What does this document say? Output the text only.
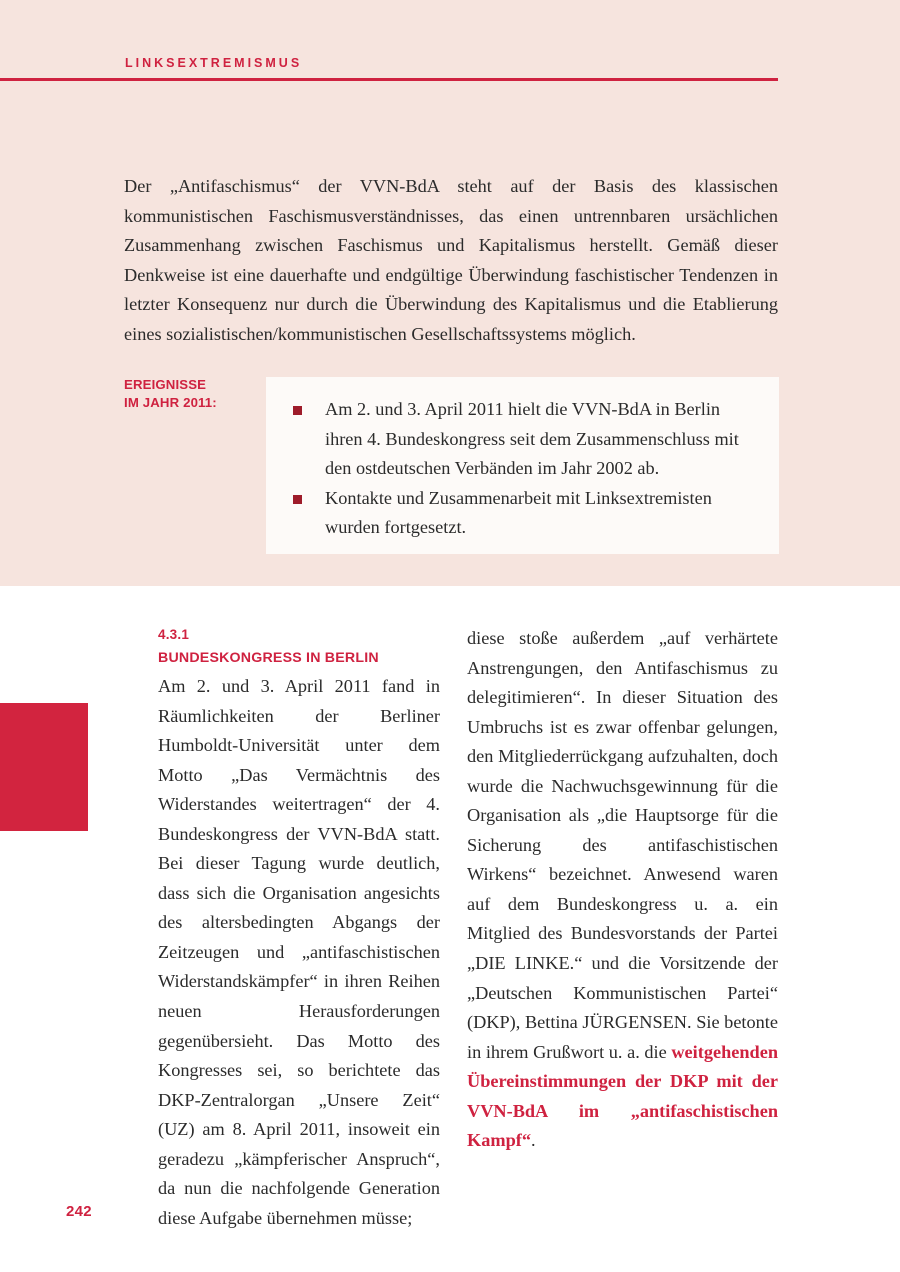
LINKSEXTREMISMUS
Der „Antifaschismus“ der VVN-BdA steht auf der Basis des klassischen kommunistischen Faschismusverständnisses, das einen untrennbaren ursächlichen Zusammenhang zwischen Faschismus und Kapitalismus herstellt. Gemäß dieser Denkweise ist eine dauerhafte und endgültige Überwindung faschistischer Tendenzen in letzter Konsequenz nur durch die Überwindung des Kapitalismus und die Etablierung eines sozialistischen/kommunistischen Gesellschaftssystems möglich.
EREIGNISSE
IM JAHR 2011:	Am 2. und 3. April 2011 hielt die VVN-BdA in Berlin ihren 4. Bundeskongress seit dem Zusammenschluss mit den ostdeutschen Verbänden im Jahr 2002 ab.
Kontakte und Zusammenarbeit mit Linksextremisten wurden fortgesetzt.
4.3.1
BUNDESKONGRESS IN BERLIN
Am 2. und 3. April 2011 fand in Räumlichkeiten der Berliner Humboldt-Universität unter dem Motto „Das Vermächtnis des Widerstandes weitertragen“ der 4. Bundeskongress der VVN-BdA statt. Bei dieser Tagung wurde deutlich, dass sich die Organisation angesichts des altersbedingten Abgangs der Zeitzeugen und „antifaschistischen Widerstandskämpfer“ in ihren Reihen neuen Herausforderungen gegenübersieht. Das Motto des Kongresses sei, so berichtete das DKP-Zentralorgan „Unsere Zeit“ (UZ) am 8. April 2011, insoweit ein geradezu „kämpferischer Anspruch“, da nun die nachfolgende Generation diese Aufgabe übernehmen müsse;
diese stoße außerdem „auf verhärtete Anstrengungen, den Antifaschismus zu delegitimieren“. In dieser Situation des Umbruchs ist es zwar offenbar gelungen, den Mitgliederrückgang aufzuhalten, doch wurde die Nachwuchsgewinnung für die Organisation als „die Hauptsorge für die Sicherung des antifaschistischen Wirkens“ bezeichnet. Anwesend waren auf dem Bundeskongress u. a. ein Mitglied des Bundesvorstands der Partei „DIE LINKE.“ und die Vorsitzende der „Deutschen Kommunistischen Partei“ (DKP), Bettina JÜRGENSEN. Sie betonte in ihrem Grußwort u. a. die weitgehenden Übereinstimmungen der DKP mit der VVN-BdA im „antifaschistischen Kampf“.
242
